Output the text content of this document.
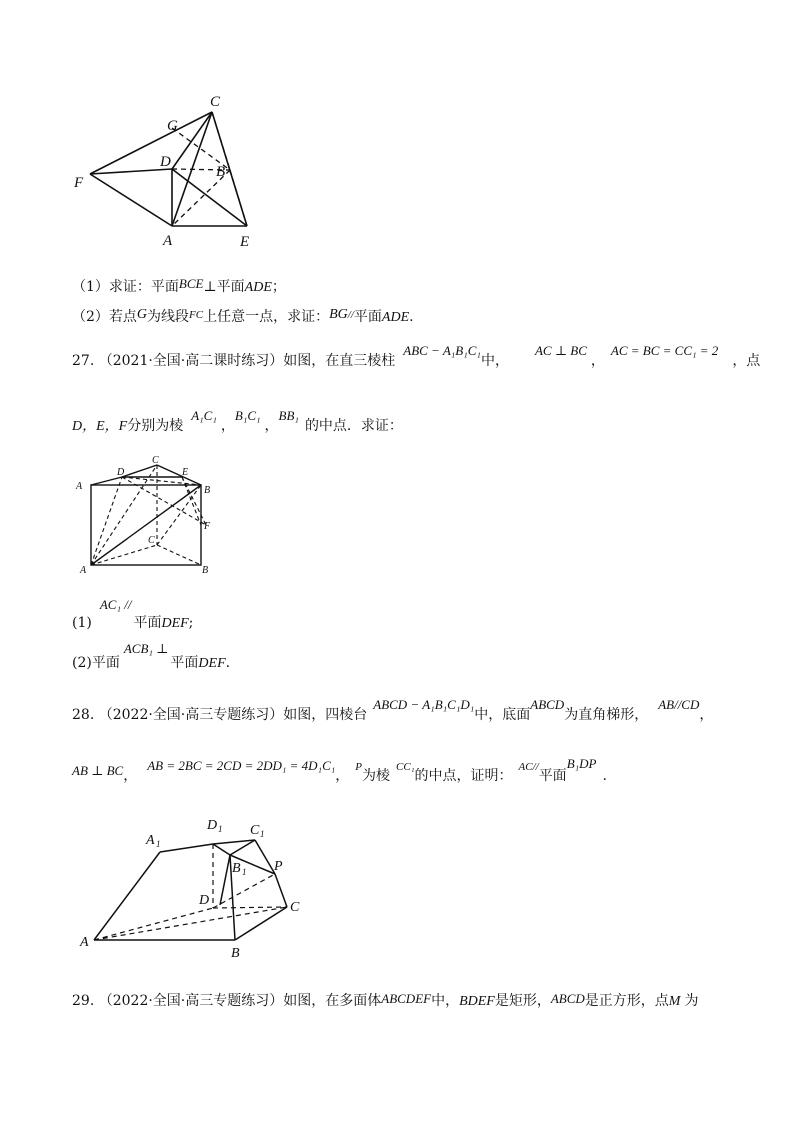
C
G
D
B
F
A	E
（1）求证：平面BCE⊥平面ADE；
（2）若点G为线段$^{FC}$上任意一点，求证：BG//平面ADE.
27. （2021·全国·高二课时练习）如图，在直三棱柱ABC − A₁B₁C₁中，AC ⊥ BC，AC = BC = CC₁ = 2，点
D，E，F分别为棱A₁C₁，B₁C₁，BB₁的中点．求证：
A
D
C
E
B
F
C
A	B
(1)AC₁ //平面DEF;
(2)平面ACB₁ ⊥平面DEF.
28. （2022·全国·高三专题练习）如图，四棱台ABCD − A₁B₁C₁D₁中，底面ABCD为直角梯形，AB//CD，
AB ⊥ BC，AB = 2BC = 2CD = 2DD₁ = 4D₁C₁，$^P$为棱$^{CC_1}$的中点，证明：$^{AC//}$平面B₁DP.
A
D C
B P
D	C
A
B
1
1	1
1
29. （2022·全国·高三专题练习）如图，在多面体ABCDEF中，BDEF是矩形，ABCD是正方形，点M 为
